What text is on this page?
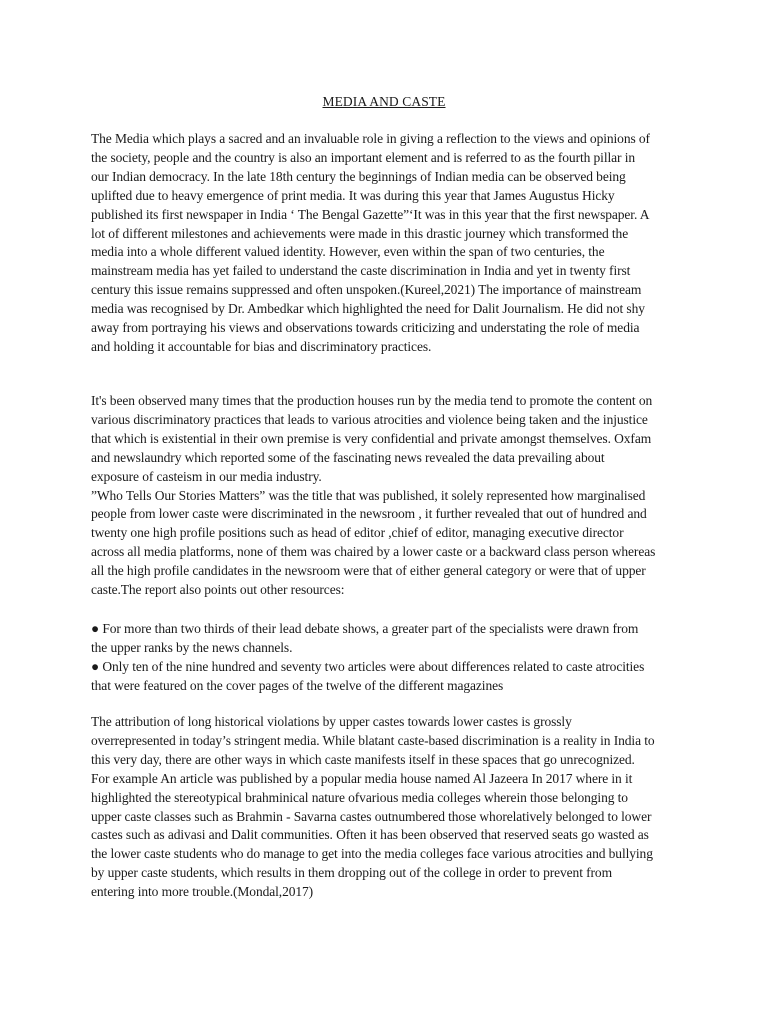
MEDIA AND CASTE
The Media which plays a sacred and an invaluable role in giving a reflection to the views and opinions of
the society, people and the country is also an important element and is referred to as the fourth pillar in
our Indian democracy. In the late 18th century the beginnings of Indian media can be observed being
uplifted due to heavy emergence of print media. It was during this year that James Augustus Hicky
published its first newspaper in India ‘ The Bengal Gazette”‘It was in this year that the first newspaper. A
lot of different milestones and achievements were made in this drastic journey which transformed the
media into a whole different valued identity. However, even within the span of two centuries, the
mainstream media has yet failed to understand the caste discrimination in India and yet in twenty first
century this issue remains suppressed and often unspoken.(Kureel,2021) The importance of mainstream
media was recognised by Dr. Ambedkar which highlighted the need for Dalit Journalism. He did not shy
away from portraying his views and observations towards criticizing and understating the role of media
and holding it accountable for bias and discriminatory practices.
It's been observed many times that the production houses run by the media tend to promote the content on
various discriminatory practices that leads to various atrocities and violence being taken and the injustice
that which is existential in their own premise is very confidential and private amongst themselves. Oxfam
and newslaundry which reported some of the fascinating news revealed the data prevailing about
exposure of casteism in our media industry.
”Who Tells Our Stories Matters” was the title that was published, it solely represented how marginalised
people from lower caste were discriminated in the newsroom , it further revealed that out of hundred and
twenty one high profile positions such as head of editor ,chief of editor, managing executive director
across all media platforms, none of them was chaired by a lower caste or a backward class person whereas
all the high profile candidates in the newsroom were that of either general category or were that of upper
caste.The report also points out other resources:
● For more than two thirds of their lead debate shows, a greater part of the specialists were drawn from
the upper ranks by the news channels.
● Only ten of the nine hundred and seventy two articles were about differences related to caste atrocities
that were featured on the cover pages of the twelve of the different magazines
The attribution of long historical violations by upper castes towards lower castes is grossly
overrepresented in today’s stringent media. While blatant caste-based discrimination is a reality in India to
this very day, there are other ways in which caste manifests itself in these spaces that go unrecognized.
For example An article was published by a popular media house named Al Jazeera In 2017 where in it
highlighted the stereotypical brahminical nature ofvarious media colleges wherein those belonging to
upper caste classes such as Brahmin - Savarna castes outnumbered those whorelatively belonged to lower
castes such as adivasi and Dalit communities. Often it has been observed that reserved seats go wasted as
the lower caste students who do manage to get into the media colleges face various atrocities and bullying
by upper caste students, which results in them dropping out of the college in order to prevent from
entering into more trouble.(Mondal,2017)
